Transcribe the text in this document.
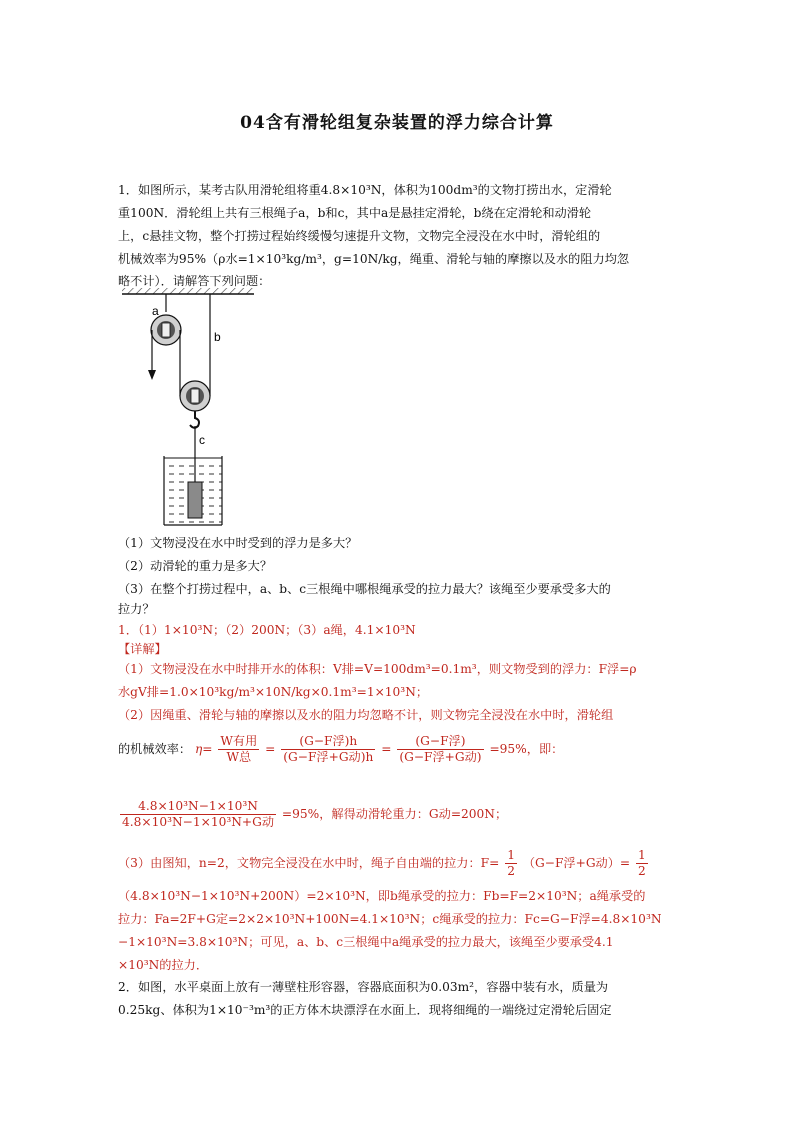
04含有滑轮组复杂装置的浮力综合计算
1．如图所示，某考古队用滑轮组将重4.8×10³N，体积为100dm³的文物打捞出水，定滑轮
重100N．滑轮组上共有三根绳子a，b和c，其中a是悬挂定滑轮，b绕在定滑轮和动滑轮
上，c悬挂文物，整个打捞过程始终缓慢匀速提升文物，文物完全浸没在水中时，滑轮组的
机械效率为95%（ρ水=1×10³kg/m³，g=10N/kg，绳重、滑轮与轴的摩擦以及水的阻力均忽
略不计）．请解答下列问题：
a
b
c
（1）文物浸没在水中时受到的浮力是多大？
（2）动滑轮的重力是多大？
（3）在整个打捞过程中，a、b、c三根绳中哪根绳承受的拉力最大？该绳至少要承受多大的
拉力？
1．（1）1×10³N；（2）200N；（3）a绳，4.1×10³N
【详解】
（1）文物浸没在水中时排开水的体积：V排=V=100dm³=0.1m³，则文物受到的浮力：F浮=ρ
水gV排=1.0×10³kg/m³×10N/kg×0.1m³=1×10³N；
（2）因绳重、滑轮与轴的摩擦以及水的阻力均忽略不计，则文物完全浸没在水中时，滑轮组
的机械效率： $\eta= \frac{\text{W有用}}{\text{W总}} = \frac{\text{(G−F浮)h}}{\text{(G−F浮+G动)h}} = \frac{\text{(G−F浮)}}{\text{(G−F浮+G动)}} =95\%$，即：
$\frac{\text{4.8×10³N−1×10³N}}{\text{4.8×10³N−1×10³N+G动}} =95\%$，解得动滑轮重力：G动=200N；
（3）由图知，n=2，文物完全浸没在水中时，绳子自由端的拉力：$F= \frac{1}{2} (G-F$浮+G动）= $\frac{1}{2}$
（4.8×10³N−1×10³N+200N）=2×10³N，即b绳承受的拉力：Fb=F=2×10³N；a绳承受的
拉力：Fa=2F+G定=2×2×10³N+100N=4.1×10³N；c绳承受的拉力：Fc=G−F浮=4.8×10³N
−1×10³N=3.8×10³N；可见，a、b、c三根绳中a绳承受的拉力最大，该绳至少要承受4.1
×10³N的拉力．
2．如图，水平桌面上放有一薄壁柱形容器，容器底面积为0.03m²，容器中装有水，质量为
0.25kg、体积为1×10⁻³m³的正方体木块漂浮在水面上．现将细绳的一端绕过定滑轮后固定
